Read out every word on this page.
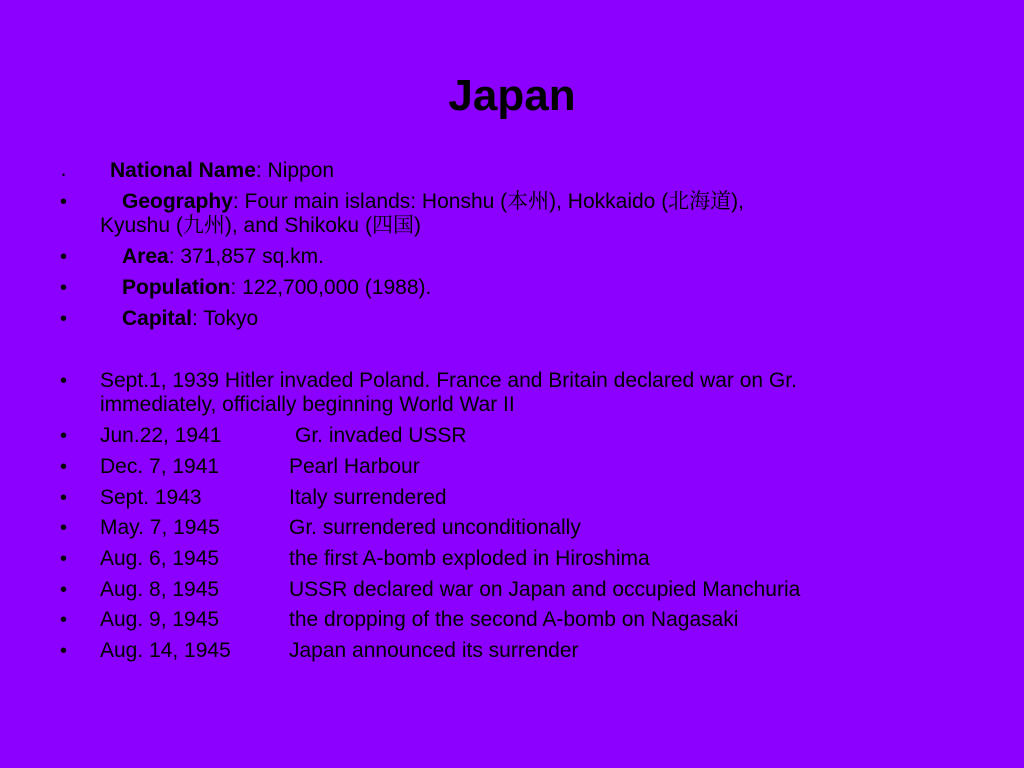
Japan
• National Name: Nippon
•	Geography: Four main islands: Honshu (本州), Hokkaido (北海道),
Kyushu (九州), and Shikoku (四国)
•	Area: 371,857 sq.km.
•	Population: 122,700,000 (1988).
•	Capital: Tokyo
• Sept.1, 1939 Hitler invaded Poland. France and Britain declared war on Gr.
immediately, officially beginning World War II
• Jun.22, 1941	Gr. invaded USSR
• Dec. 7, 1941	Pearl Harbour
• Sept. 1943	Italy surrendered
• May. 7, 1945	Gr. surrendered unconditionally
• Aug. 6, 1945	the first A-bomb exploded in Hiroshima
• Aug. 8, 1945	USSR declared war on Japan and occupied Manchuria
• Aug. 9, 1945	the dropping of the second A-bomb on Nagasaki
• Aug. 14, 1945	Japan announced its surrender
